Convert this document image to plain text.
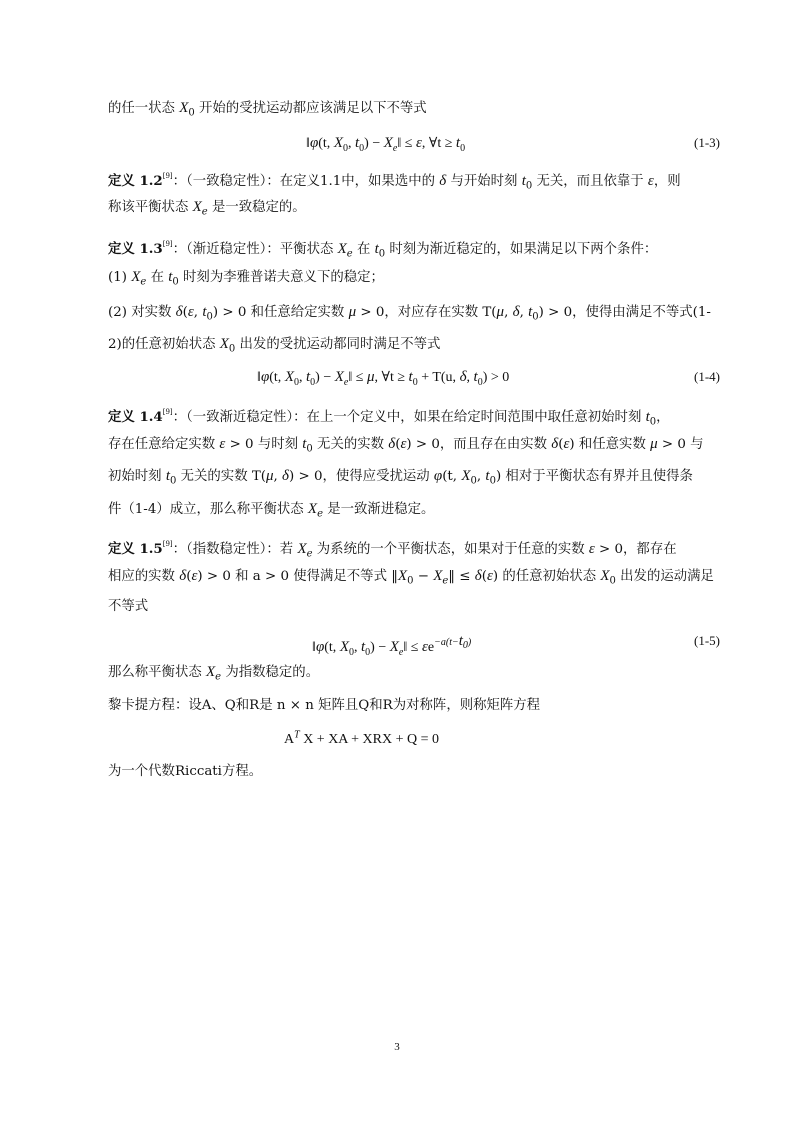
的任一状态 $X_0$ 开始的受扰运动都应该满足以下不等式
‖φ(t, $X_0$, $t_0$) − $X_e‖ \le \varepsilon$, ∀t ≥ $t_0$	(1-3)
定义 1.2[9]：（一致稳定性）：在定义1.1中，如果选中的 δ 与开始时刻 $t_0$ 无关，而且依靠于 ε，则
称该平衡状态 $X_e$ 是一致稳定的。
定义 1.3[9]：（渐近稳定性）：平衡状态 $X_e$ 在 $t_0$ 时刻为渐近稳定的，如果满足以下两个条件：
(1) $X_e$ 在 $t_0$ 时刻为李雅普诺夫意义下的稳定；
(2) 对实数 δ(ε, $t_0) > 0$ 和任意给定实数 μ > 0，对应存在实数 T(μ, δ, $t_0) > 0$，使得由满足不等式(1-
2)的任意初始状态 $X_0$ 出发的受扰运动都同时满足不等式
‖φ(t, $X_0$, $t_0$) − $X_e‖ \le \mu$, ∀t ≥ $t_0 + T(u$, δ, $t_0) > 0$	(1-4)
定义 1.4[9]：（一致渐近稳定性）：在上一个定义中，如果在给定时间范围中取任意初始时刻 $t_0$，
存在任意给定实数 ε > 0 与时刻 $t_0$ 无关的实数 δ(ε) > 0，而且存在由实数 δ(ε) 和任意实数 μ > 0 与
初始时刻 $t_0$ 无关的实数 T(μ, δ) > 0，使得应受扰运动 φ(t, $X_0$, $t_0$) 相对于平衡状态有界并且使得条
件（1-4）成立，那么称平衡状态 $X_e$ 是一致渐进稳定。
定义 1.5[9]：（指数稳定性）：若 $X_e$ 为系统的一个平衡状态，如果对于任意的实数 ε > 0，都存在
相应的实数 δ(ε) > 0 和 a > 0 使得满足不等式 $‖X_0$ − $X_e‖ \le \delta(\varepsilon)$ 的任意初始状态 $X_0$ 出发的运动满足
不等式
‖φ(t, $X_0$, $t_0$) − $X_e‖ \le \varepsilon e^{-a(t-t_0)}$	(1-5)
那么称平衡状态 $X_e$ 为指数稳定的。
黎卡提方程：设A、Q和R是 n × n 矩阵且Q和R为对称阵，则称矩阵方程
$A^T$ X + XA + XRX + Q = 0
为一个代数Riccati方程。
3
